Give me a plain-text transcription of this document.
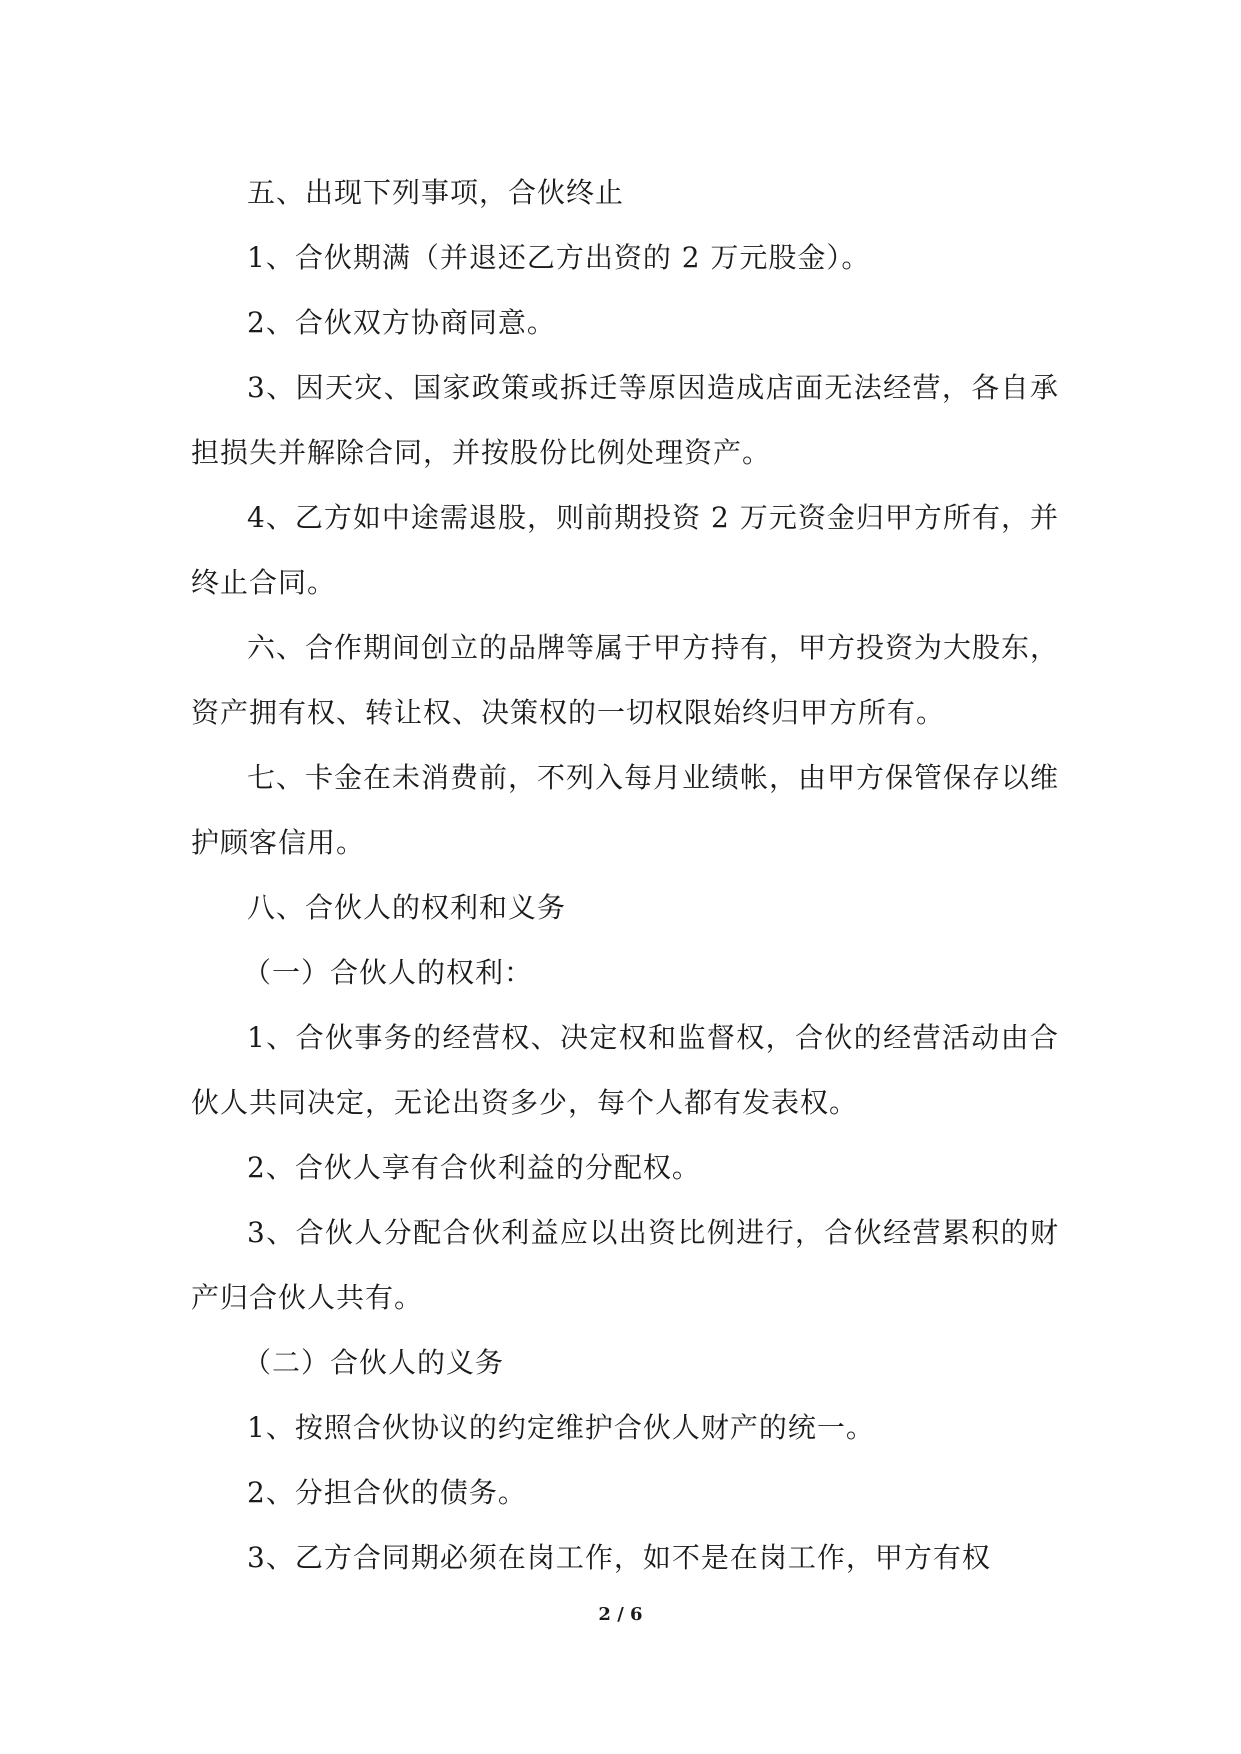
五、出现下列事项，合伙终止

1、合伙期满（并退还乙方出资的 2 万元股金）。

2、合伙双方协商同意。

3、因天灾、国家政策或拆迁等原因造成店面无法经营，各自承担损失并解除合同，并按股份比例处理资产。

4、乙方如中途需退股，则前期投资 2 万元资金归甲方所有，并终止合同。

六、合作期间创立的品牌等属于甲方持有，甲方投资为大股东，资产拥有权、转让权、决策权的一切权限始终归甲方所有。

七、卡金在未消费前，不列入每月业绩帐，由甲方保管保存以维护顾客信用。

八、合伙人的权利和义务

（一）合伙人的权利：

1、合伙事务的经营权、决定权和监督权，合伙的经营活动由合伙人共同决定，无论出资多少，每个人都有发表权。

2、合伙人享有合伙利益的分配权。

3、合伙人分配合伙利益应以出资比例进行，合伙经营累积的财产归合伙人共有。

（二）合伙人的义务

1、按照合伙协议的约定维护合伙人财产的统一。

2、分担合伙的债务。

3、乙方合同期必须在岗工作，如不是在岗工作，甲方有权

2 / 6
